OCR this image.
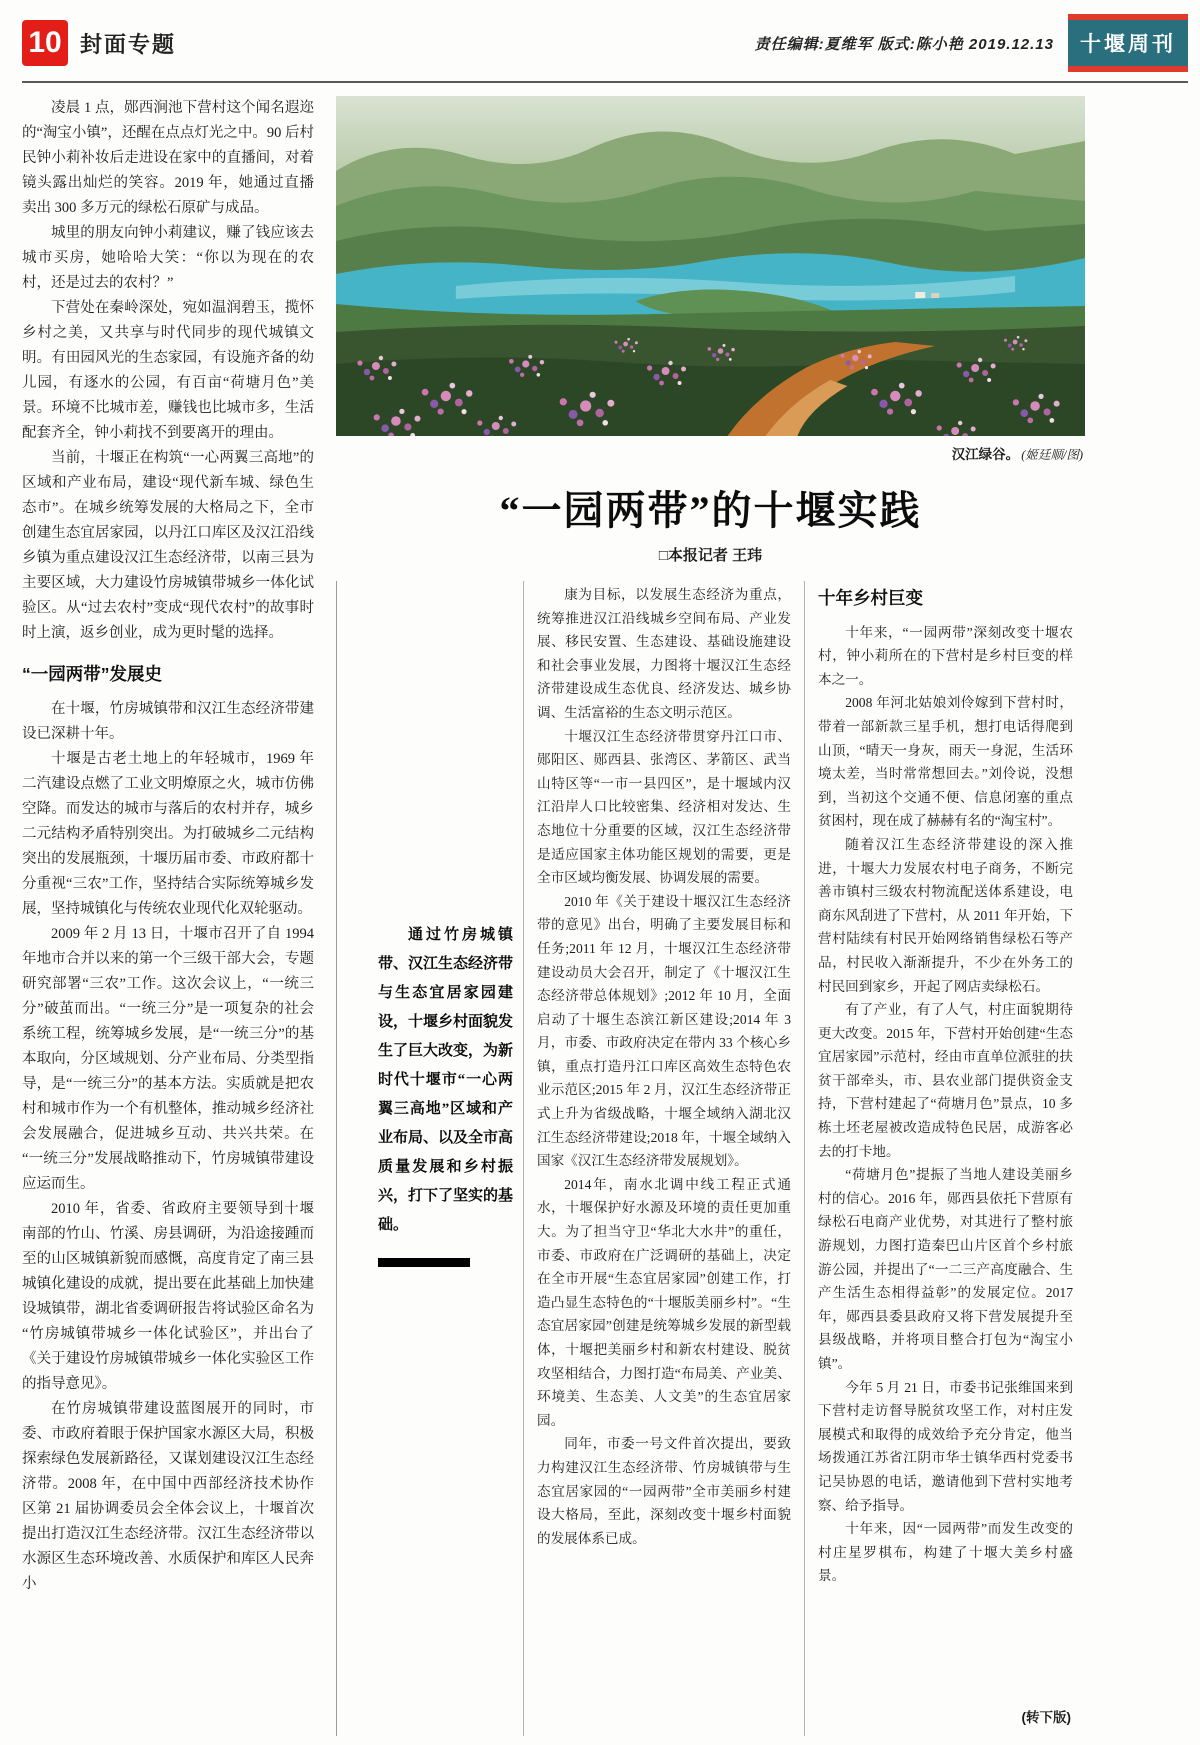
10 封面专题	责任编辑:夏维军 版式:陈小艳 2019.12.13	十堰周刊

凌晨 1 点，郧西涧池下营村这个闻名遐迩的“淘宝小镇”，还醒在点点灯光之中。90 后村民钟小莉补妆后走进设在家中的直播间，对着镜头露出灿烂的笑容。2019 年，她通过直播卖出 300 多万元的绿松石原矿与成品。

城里的朋友向钟小莉建议，赚了钱应该去城市买房，她哈哈大笑：“你以为现在的农村，还是过去的农村？”

下营处在秦岭深处，宛如温润碧玉，揽怀乡村之美，又共享与时代同步的现代城镇文明。有田园风光的生态家园，有设施齐备的幼儿园，有逐水的公园，有百亩“荷塘月色”美景。环境不比城市差，赚钱也比城市多，生活配套齐全，钟小莉找不到要离开的理由。

当前，十堰正在构筑“一心两翼三高地”的区域和产业布局，建设“现代新车城、绿色生态市”。在城乡统筹发展的大格局之下，全市创建生态宜居家园，以丹江口库区及汉江沿线乡镇为重点建设汉江生态经济带，以南三县为主要区域，大力建设竹房城镇带城乡一体化试验区。从“过去农村”变成“现代农村”的故事时时上演，返乡创业，成为更时髦的选择。

“一园两带”发展史

在十堰，竹房城镇带和汉江生态经济带建设已深耕十年。

十堰是古老土地上的年轻城市，1969 年二汽建设点燃了工业文明燎原之火，城市仿佛空降。而发达的城市与落后的农村并存，城乡二元结构矛盾特别突出。为打破城乡二元结构突出的发展瓶颈，十堰历届市委、市政府都十分重视“三农”工作，坚持结合实际统筹城乡发展，坚持城镇化与传统农业现代化双轮驱动。

2009 年 2 月 13 日，十堰市召开了自 1994 年地市合并以来的第一个三级干部大会，专题研究部署“三农”工作。这次会议上，“一统三分”破茧而出。“一统三分”是一项复杂的社会系统工程，统筹城乡发展，是“一统三分”的基本取向，分区域规划、分产业布局、分类型指导，是“一统三分”的基本方法。实质就是把农村和城市作为一个有机整体，推动城乡经济社会发展融合，促进城乡互动、共兴共荣。在“一统三分”发展战略推动下，竹房城镇带建设应运而生。

2010 年，省委、省政府主要领导到十堰南部的竹山、竹溪、房县调研，为沿途接踵而至的山区城镇新貌而感慨，高度肯定了南三县城镇化建设的成就，提出要在此基础上加快建设城镇带，湖北省委调研报告将试验区命名为“竹房城镇带城乡一体化试验区”，并出台了《关于建设竹房城镇带城乡一体化实验区工作的指导意见》。

在竹房城镇带建设蓝图展开的同时，市委、市政府着眼于保护国家水源区大局，积极探索绿色发展新路径，又谋划建设汉江生态经济带。2008 年，在中国中西部经济技术协作区第 21 届协调委员会全体会议上，十堰首次提出打造汉江生态经济带。汉江生态经济带以水源区生态环境改善、水质保护和库区人民奔小

汉江绿谷。 (姬廷顺/图)
“一园两带”的十堰实践
□本报记者 王玮
通过竹房城镇带、汉江生态经济带与生态宜居家园建设，十堰乡村面貌发生了巨大改变，为新时代十堰市“一心两翼三高地”区域和产业布局、以及全市高质量发展和乡村振兴，打下了坚实的基础。

康为目标，以发展生态经济为重点，统筹推进汉江沿线城乡空间布局、产业发展、移民安置、生态建设、基础设施建设和社会事业发展，力图将十堰汉江生态经济带建设成生态优良、经济发达、城乡协调、生活富裕的生态文明示范区。

十堰汉江生态经济带贯穿丹江口市、郧阳区、郧西县、张湾区、茅箭区、武当山特区等“一市一县四区”，是十堰域内汉江沿岸人口比较密集、经济相对发达、生态地位十分重要的区域，汉江生态经济带是适应国家主体功能区规划的需要，更是全市区域均衡发展、协调发展的需要。

2010 年《关于建设十堰汉江生态经济带的意见》出台，明确了主要发展目标和任务;2011 年 12 月，十堰汉江生态经济带建设动员大会召开，制定了《十堰汉江生态经济带总体规划》;2012 年 10 月，全面启动了十堰生态滨江新区建设;2014 年 3 月，市委、市政府决定在带内 33 个核心乡镇，重点打造丹江口库区高效生态特色农业示范区;2015 年 2 月，汉江生态经济带正式上升为省级战略，十堰全域纳入湖北汉江生态经济带建设;2018 年，十堰全域纳入国家《汉江生态经济带发展规划》。

2014年，南水北调中线工程正式通水，十堰保护好水源及环境的责任更加重大。为了担当守卫“华北大水井”的重任，市委、市政府在广泛调研的基础上，决定在全市开展“生态宜居家园”创建工作，打造凸显生态特色的“十堰版美丽乡村”。“生态宜居家园”创建是统筹城乡发展的新型载体，十堰把美丽乡村和新农村建设、脱贫攻坚相结合，力图打造“布局美、产业美、环境美、生态美、人文美”的生态宜居家园。

同年，市委一号文件首次提出，要致力构建汉江生态经济带、竹房城镇带与生态宜居家园的“一园两带”全市美丽乡村建设大格局，至此，深刻改变十堰乡村面貌的发展体系已成。

十年乡村巨变

十年来，“一园两带”深刻改变十堰农村，钟小莉所在的下营村是乡村巨变的样本之一。

2008 年河北姑娘刘伶嫁到下营村时，带着一部新款三星手机，想打电话得爬到山顶，“晴天一身灰，雨天一身泥，生活环境太差，当时常常想回去。”刘伶说，没想到，当初这个交通不便、信息闭塞的重点贫困村，现在成了赫赫有名的“淘宝村”。

随着汉江生态经济带建设的深入推进，十堰大力发展农村电子商务，不断完善市镇村三级农村物流配送体系建设，电商东风刮进了下营村，从 2011 年开始，下营村陆续有村民开始网络销售绿松石等产品，村民收入渐渐提升，不少在外务工的村民回到家乡，开起了网店卖绿松石。

有了产业，有了人气，村庄面貌期待更大改变。2015 年，下营村开始创建“生态宜居家园”示范村，经由市直单位派驻的扶贫干部牵头，市、县农业部门提供资金支持，下营村建起了“荷塘月色”景点，10 多栋土坯老屋被改造成特色民居，成游客必去的打卡地。

“荷塘月色”提振了当地人建设美丽乡村的信心。2016 年，郧西县依托下营原有绿松石电商产业优势，对其进行了整村旅游规划，力图打造秦巴山片区首个乡村旅游公园，并提出了“一二三产高度融合、生产生活生态相得益彰”的发展定位。2017 年，郧西县委县政府又将下营发展提升至县级战略，并将项目整合打包为“淘宝小镇”。

今年 5 月 21 日，市委书记张维国来到下营村走访督导脱贫攻坚工作，对村庄发展模式和取得的成效给予充分肯定，他当场拨通江苏省江阴市华士镇华西村党委书记吴协恩的电话，邀请他到下营村实地考察、给予指导。

十年来，因“一园两带”而发生改变的村庄星罗棋布，构建了十堰大美乡村盛景。

(转下版)
